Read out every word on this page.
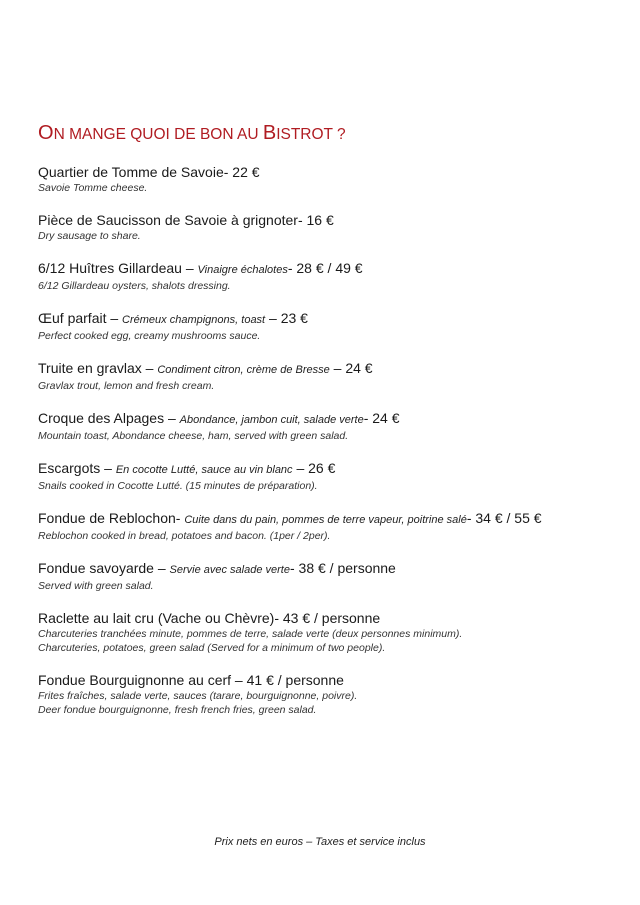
ON MANGE QUOI DE BON AU BISTROT ?
Quartier de Tomme de Savoie- 22 €
Savoie Tomme cheese.
Pièce de Saucisson de Savoie à grignoter- 16 €
Dry sausage to share.
6/12 Huîtres Gillardeau – Vinaigre échalotes- 28 € / 49 €
6/12 Gillardeau oysters, shalots dressing.
Œuf parfait – Crémeux champignons, toast – 23 €
Perfect cooked egg, creamy mushrooms sauce.
Truite en gravlax – Condiment citron, crème de Bresse – 24 €
Gravlax trout, lemon and fresh cream.
Croque des Alpages – Abondance, jambon cuit, salade verte- 24 €
Mountain toast, Abondance cheese, ham, served with green salad.
Escargots – En cocotte Lutté, sauce au vin blanc – 26 €
Snails cooked in Cocotte Lutté. (15 minutes de préparation).
Fondue de Reblochon- Cuite dans du pain, pommes de terre vapeur, poitrine salé- 34 € / 55 €
Reblochon cooked in bread, potatoes and bacon. (1per / 2per).
Fondue savoyarde – Servie avec salade verte- 38 € / personne
Served with green salad.
Raclette au lait cru (Vache ou Chèvre)- 43 € / personne
Charcuteries tranchées minute, pommes de terre, salade verte (deux personnes minimum).
Charcuteries, potatoes, green salad (Served for a minimum of two people).
Fondue Bourguignonne au cerf – 41 € / personne
Frites fraîches, salade verte, sauces (tarare, bourguignonne, poivre).
Deer fondue bourguignonne, fresh french fries, green salad.
Prix nets en euros – Taxes et service inclus
